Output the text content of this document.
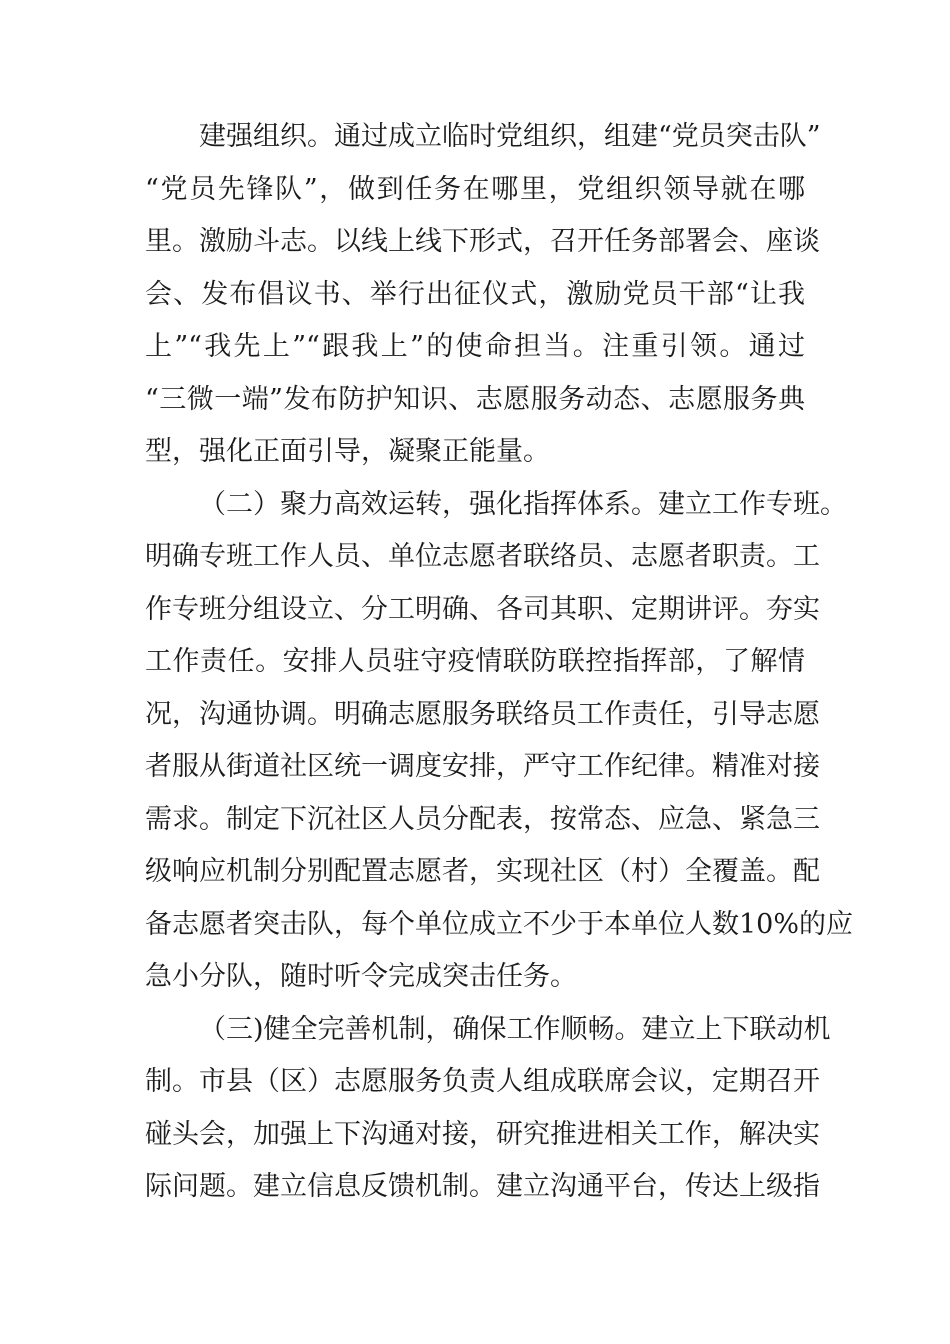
建强组织。通过成立临时党组织，组建“党员突击队”
“党员先锋队”，做到任务在哪里，党组织领导就在哪
里。激励斗志。以线上线下形式，召开任务部署会、座谈
会、发布倡议书、举行出征仪式，激励党员干部“让我
上”“我先上”“跟我上”的使命担当。注重引领。通过
“三微一端”发布防护知识、志愿服务动态、志愿服务典
型，强化正面引导，凝聚正能量。
（二）聚力高效运转，强化指挥体系。建立工作专班。
明确专班工作人员、单位志愿者联络员、志愿者职责。工
作专班分组设立、分工明确、各司其职、定期讲评。夯实
工作责任。安排人员驻守疫情联防联控指挥部，了解情
况，沟通协调。明确志愿服务联络员工作责任，引导志愿
者服从街道社区统一调度安排，严守工作纪律。精准对接
需求。制定下沉社区人员分配表，按常态、应急、紧急三
级响应机制分别配置志愿者，实现社区（村）全覆盖。配
备志愿者突击队，每个单位成立不少于本单位人数10%的应
急小分队，随时听令完成突击任务。
（三)健全完善机制，确保工作顺畅。建立上下联动机
制。市县（区）志愿服务负责人组成联席会议，定期召开
碰头会，加强上下沟通对接，研究推进相关工作，解决实
际问题。建立信息反馈机制。建立沟通平台，传达上级指
